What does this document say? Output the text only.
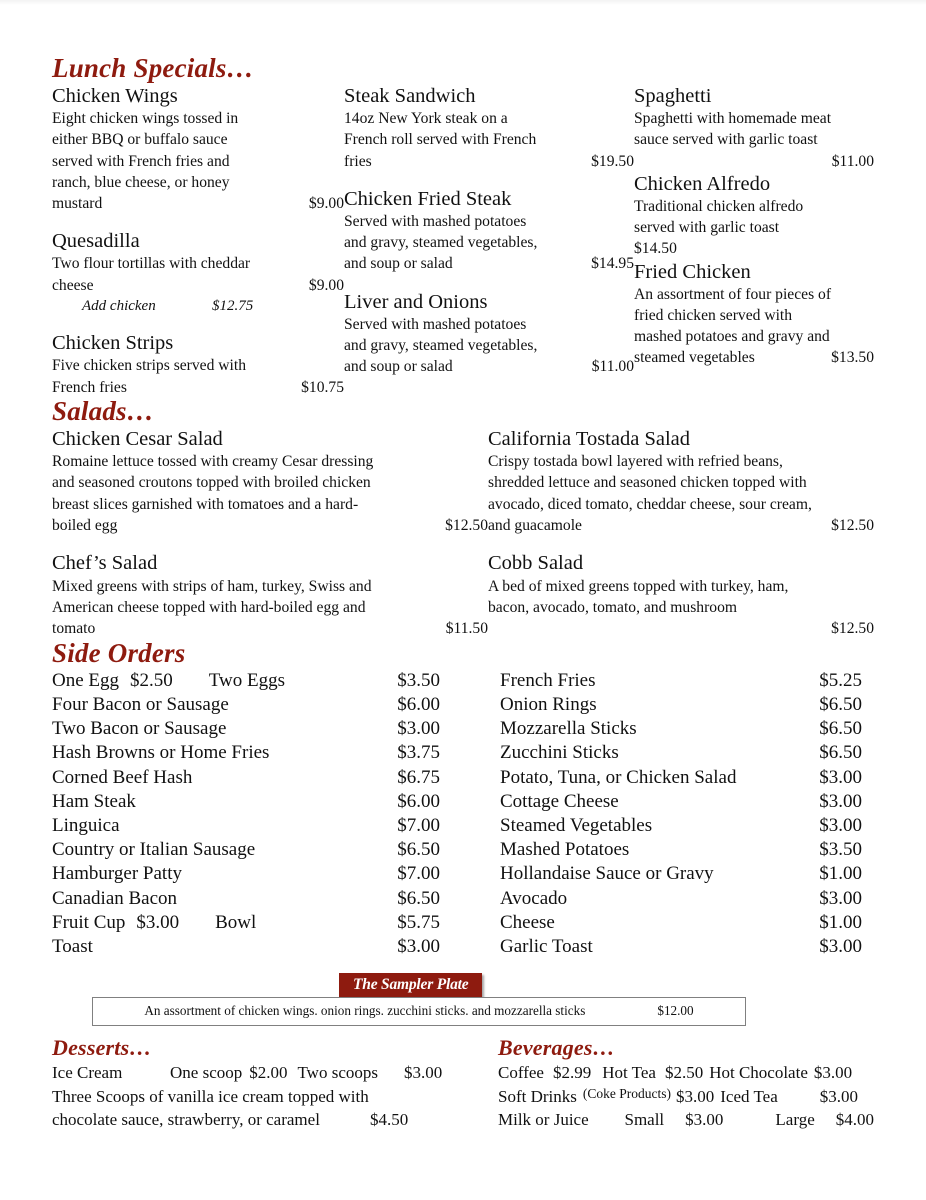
Lunch Specials…
Chicken Wings
Eight chicken wings tossed in
either BBQ or buffalo sauce
served with French fries and
ranch, blue cheese, or honey
mustard	$9.00
Quesadilla
Two flour tortillas with cheddar
cheese	$9.00
Add chicken	$12.75
Chicken Strips
Five chicken strips served with
French fries	$10.75
Steak Sandwich
14oz New York steak on a
French roll served with French
fries	$19.50
Chicken Fried Steak
Served with mashed potatoes
and gravy, steamed vegetables,
and soup or salad	$14.95
Liver and Onions
Served with mashed potatoes
and gravy, steamed vegetables,
and soup or salad	$11.00
Spaghetti
Spaghetti with homemade meat
sauce served with garlic toast
$11.00
Chicken Alfredo
Traditional chicken alfredo
served with garlic toast
$14.50
Fried Chicken
An assortment of four pieces of
fried chicken served with
mashed potatoes and gravy and
steamed vegetables	$13.50
Salads…
Chicken Cesar Salad
Romaine lettuce tossed with creamy Cesar dressing
and seasoned croutons topped with broiled chicken
breast slices garnished with tomatoes and a hard-
boiled egg	$12.50
Chef’s Salad
Mixed greens with strips of ham, turkey, Swiss and
American cheese topped with hard-boiled egg and
tomato	$11.50
California Tostada Salad
Crispy tostada bowl layered with refried beans,
shredded lettuce and seasoned chicken topped with
avocado, diced tomato, cheddar cheese, sour cream,
and guacamole	$12.50
Cobb Salad
A bed of mixed greens topped with turkey, ham,
bacon, avocado, tomato, and mushroom
$12.50
Side Orders
One Egg $2.50 Two Eggs	$3.50
Four Bacon or Sausage	$6.00
Two Bacon or Sausage	$3.00
Hash Browns or Home Fries	$3.75
Corned Beef Hash	$6.75
Ham Steak	$6.00
Linguica	$7.00
Country or Italian Sausage	$6.50
Hamburger Patty	$7.00
Canadian Bacon	$6.50
Fruit Cup $3.00 Bowl	$5.75
Toast	$3.00
French Fries	$5.25
Onion Rings	$6.50
Mozzarella Sticks	$6.50
Zucchini Sticks	$6.50
Potato, Tuna, or Chicken Salad	$3.00
Cottage Cheese	$3.00
Steamed Vegetables	$3.00
Mashed Potatoes	$3.50
Hollandaise Sauce or Gravy	$1.00
Avocado	$3.00
Cheese	$1.00
Garlic Toast	$3.00
The Sampler Plate
An assortment of chicken wings. onion rings. zucchini sticks. and mozzarella sticks	$12.00
Desserts…
Ice Cream	One scoop $2.00 Two scoops $3.00
Three Scoops of vanilla ice cream topped with
chocolate sauce, strawberry, or caramel	$4.50
Beverages…
Coffee $2.99 Hot Tea $2.50 Hot Chocolate $3.00
Soft Drinks (Coke Products) $3.00 Iced Tea $3.00
Milk or Juice	Small $3.00	Large $4.00
